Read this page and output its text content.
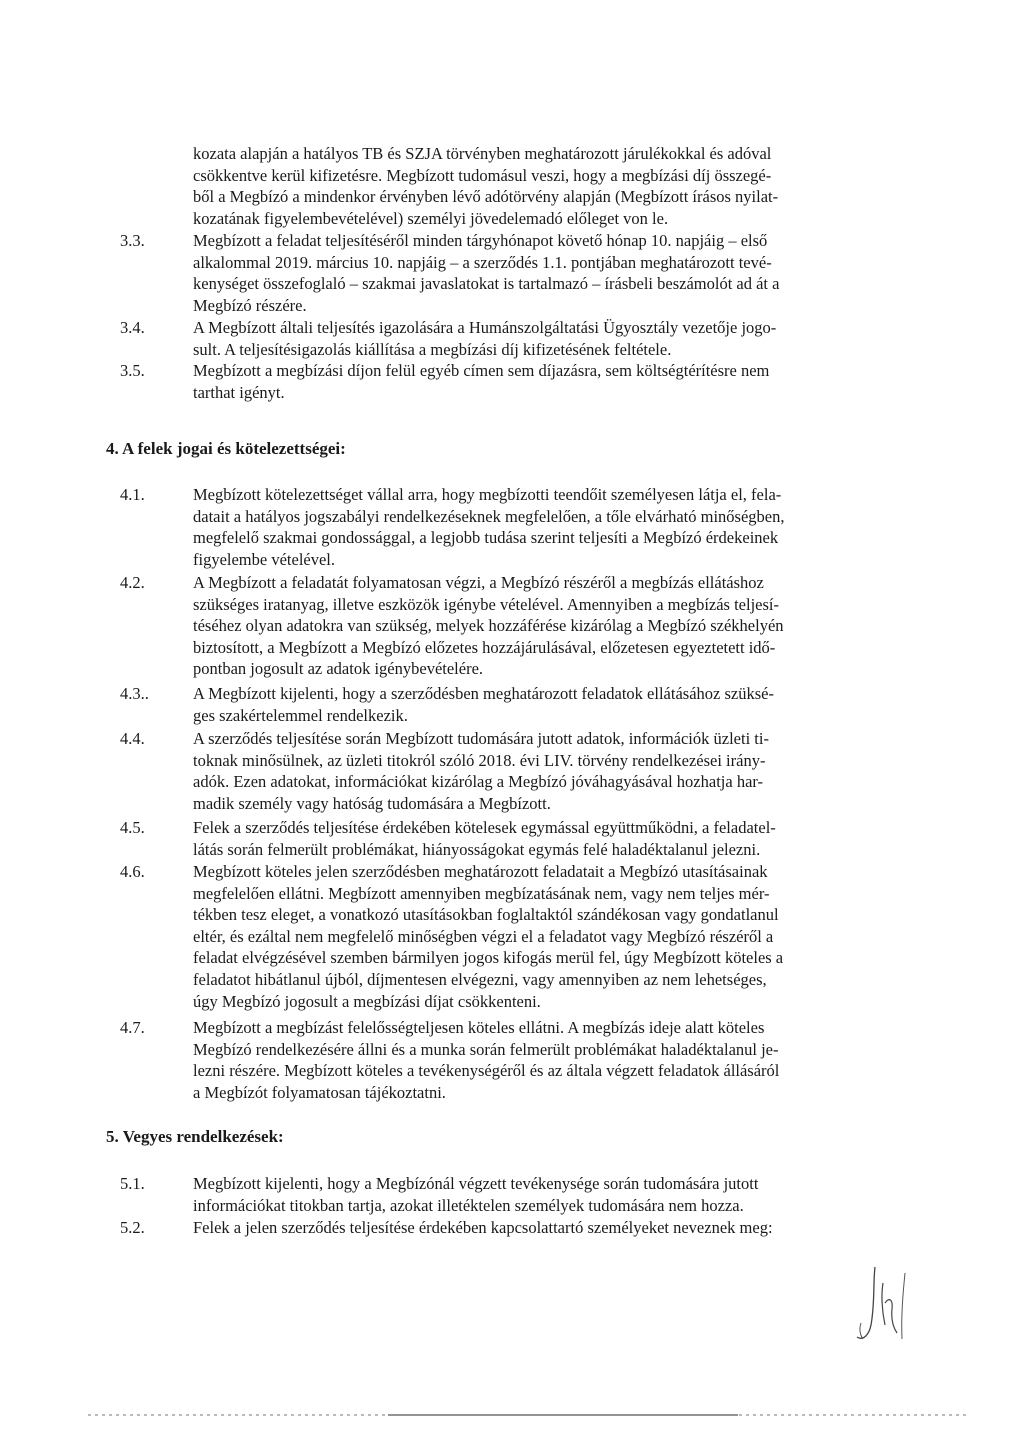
kozata alapján a hatályos TB és SZJA törvényben meghatározott járulékokkal és adóval

csökkentve kerül kifizetésre. Megbízott tudomásul veszi, hogy a megbízási díj összegé-

ből a Megbízó a mindenkor érvényben lévő adótörvény alapján (Megbízott írásos nyilat-

kozatának figyelembevételével) személyi jövedelemadó előleget von le.

3.3.	Megbízott a feladat teljesítéséről minden tárgyhónapot követő hónap 10. napjáig – első

alkalommal 2019. március 10. napjáig – a szerződés 1.1. pontjában meghatározott tevé-

kenységet összefoglaló – szakmai javaslatokat is tartalmazó – írásbeli beszámolót ad át a

Megbízó részére.

3.4.	A Megbízott általi teljesítés igazolására a Humánszolgáltatási Ügyosztály vezetője jogo-

sult. A teljesítésigazolás kiállítása a megbízási díj kifizetésének feltétele.

3.5.	Megbízott a megbízási díjon felül egyéb címen sem díjazásra, sem költségtérítésre nem

tarthat igényt.

4. A felek jogai és kötelezettségei:

4.1.	Megbízott kötelezettséget vállal arra, hogy megbízotti teendőit személyesen látja el, fela-

datait a hatályos jogszabályi rendelkezéseknek megfelelően, a tőle elvárható minőségben,

megfelelő szakmai gondossággal, a legjobb tudása szerint teljesíti a Megbízó érdekeinek

figyelembe vételével.

4.2.	A Megbízott a feladatát folyamatosan végzi, a Megbízó részéről a megbízás ellátáshoz

szükséges iratanyag, illetve eszközök igénybe vételével. Amennyiben a megbízás teljesí-

téséhez olyan adatokra van szükség, melyek hozzáférése kizárólag a Megbízó székhelyén

biztosított, a Megbízott a Megbízó előzetes hozzájárulásával, előzetesen egyeztetett idő-

pontban jogosult az adatok igénybevételére.

4.3..	A Megbízott kijelenti, hogy a szerződésben meghatározott feladatok ellátásához szüksé-

ges szakértelemmel rendelkezik.

4.4.	A szerződés teljesítése során Megbízott tudomására jutott adatok, információk üzleti ti-

toknak minősülnek, az üzleti titokról szóló 2018. évi LIV. törvény rendelkezései irány-

adók. Ezen adatokat, információkat kizárólag a Megbízó jóváhagyásával hozhatja har-

madik személy vagy hatóság tudomására a Megbízott.

4.5.	Felek a szerződés teljesítése érdekében kötelesek egymással együttműködni, a feladatel-

látás során felmerült problémákat, hiányosságokat egymás felé haladéktalanul jelezni.

4.6.	Megbízott köteles jelen szerződésben meghatározott feladatait a Megbízó utasításainak

megfelelően ellátni. Megbízott amennyiben megbízatásának nem, vagy nem teljes mér-

tékben tesz eleget, a vonatkozó utasításokban foglaltaktól szándékosan vagy gondatlanul

eltér, és ezáltal nem megfelelő minőségben végzi el a feladatot vagy Megbízó részéről a

feladat elvégzésével szemben bármilyen jogos kifogás merül fel, úgy Megbízott köteles a

feladatot hibátlanul újból, díjmentesen elvégezni, vagy amennyiben az nem lehetséges,

úgy Megbízó jogosult a megbízási díjat csökkenteni.

4.7.	Megbízott a megbízást felelősségteljesen köteles ellátni. A megbízás ideje alatt köteles

Megbízó rendelkezésére állni és a munka során felmerült problémákat haladéktalanul je-

lezni részére. Megbízott köteles a tevékenységéről és az általa végzett feladatok állásáról

a Megbízót folyamatosan tájékoztatni.

5. Vegyes rendelkezések:

5.1.	Megbízott kijelenti, hogy a Megbízónál végzett tevékenysége során tudomására jutott

információkat titokban tartja, azokat illetéktelen személyek tudomására nem hozza.

5.2.	Felek a jelen szerződés teljesítése érdekében kapcsolattartó személyeket neveznek meg:
